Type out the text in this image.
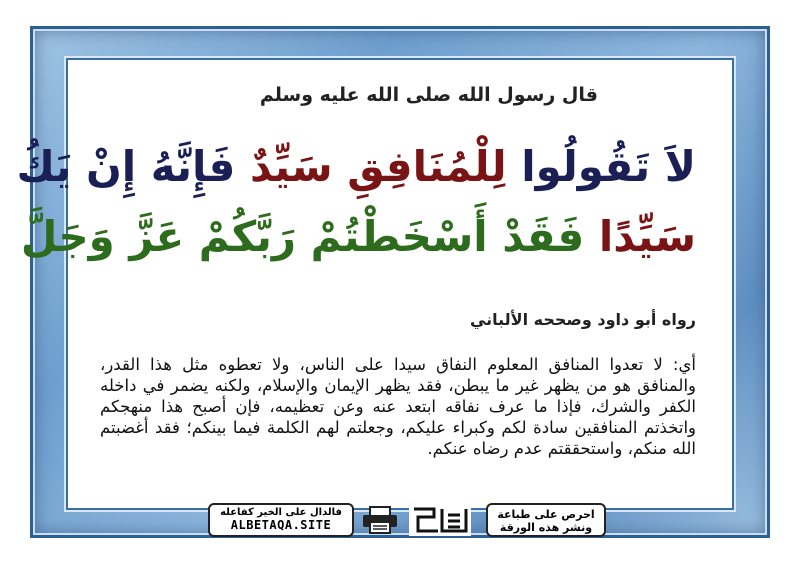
قال رسول الله صلى الله عليه وسلم
لاَ تَقُولُوا لِلْمُنَافِقِ سَيِّدٌ فَإِنَّهُ إِنْ يَكُ
سَيِّدًا فَقَدْ أَسْخَطْتُمْ رَبَّكُمْ عَزَّ وَجَلَّ
رواه أبو داود وصححه الألباني
أي: لا تعدوا المنافق المعلوم النفاق سيدا على الناس، ولا تعطوه مثل هذا القدر، والمنافق هو من يظهر غير ما يبطن، فقد يظهر الإيمان والإسلام، ولكنه يضمر في داخله الكفر والشرك، فإذا ما عرف نفاقه ابتعد عنه وعن تعظيمه، فإن أصبح هذا منهجكم واتخذتم المنافقين سادة لكم وكبراء عليكم، وجعلتم لهم الكلمة فيما بينكم؛ فقد أغضبتم الله منكم، واستحققتم عدم رضاه عنكم.
فالدال على الخير كفاعله
ALBETAQA.SITE
احرص على طباعة
ونشر هذه الورقة
